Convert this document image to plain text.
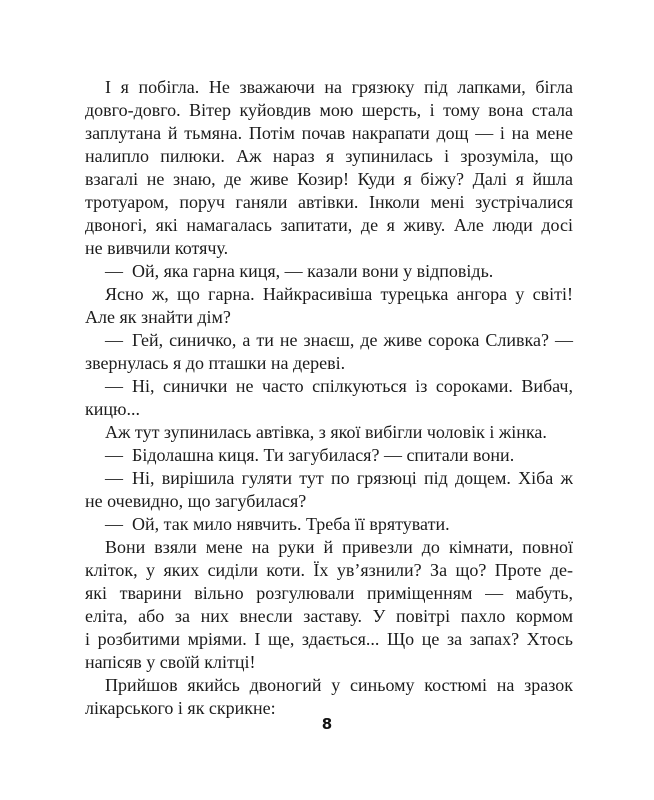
І я побігла. Не зважаючи на грязюку під лапками, бігла
довго-довго. Вітер куйовдив мою шерсть, і тому вона стала
заплутана й тьмяна. Потім почав накрапати дощ — і на мене
налипло пилюки. Аж нараз я зупинилась і зрозуміла, що
взагалі не знаю, де живе Козир! Куди я біжу? Далі я йшла
тротуаром, поруч ганяли автівки. Інколи мені зустрічалися
двоногі, які намагалась запитати, де я живу. Але люди досі
не вивчили котячу.
— Ой, яка гарна киця, — казали вони у відповідь.
Ясно ж, що гарна. Найкрасивіша турецька ангора у світі!
Але як знайти дім?
— Гей, синичко, а ти не знаєш, де живе сорока Сливка? —
звернулась я до пташки на дереві.
— Ні, синички не часто спілкуються із сороками. Вибач,
кицю...
Аж тут зупинилась автівка, з якої вибігли чоловік і жінка.
— Бідолашна киця. Ти загубилася? — спитали вони.
— Ні, вирішила гуляти тут по грязюці під дощем. Хіба ж
не очевидно, що загубилася?
— Ой, так мило нявчить. Треба її врятувати.
Вони взяли мене на руки й привезли до кімнати, повної
кліток, у яких сиділи коти. Їх ув’язнили? За що? Проте де-
які тварини вільно розгулювали приміщенням — мабуть,
еліта, або за них внесли заставу. У повітрі пахло кормом
і розбитими мріями. І ще, здається... Що це за запах? Хтось
напісяв у своїй клітці!
Прийшов якийсь двоногий у синьому костюмі на зразок
лікарського і як скрикне:
8
